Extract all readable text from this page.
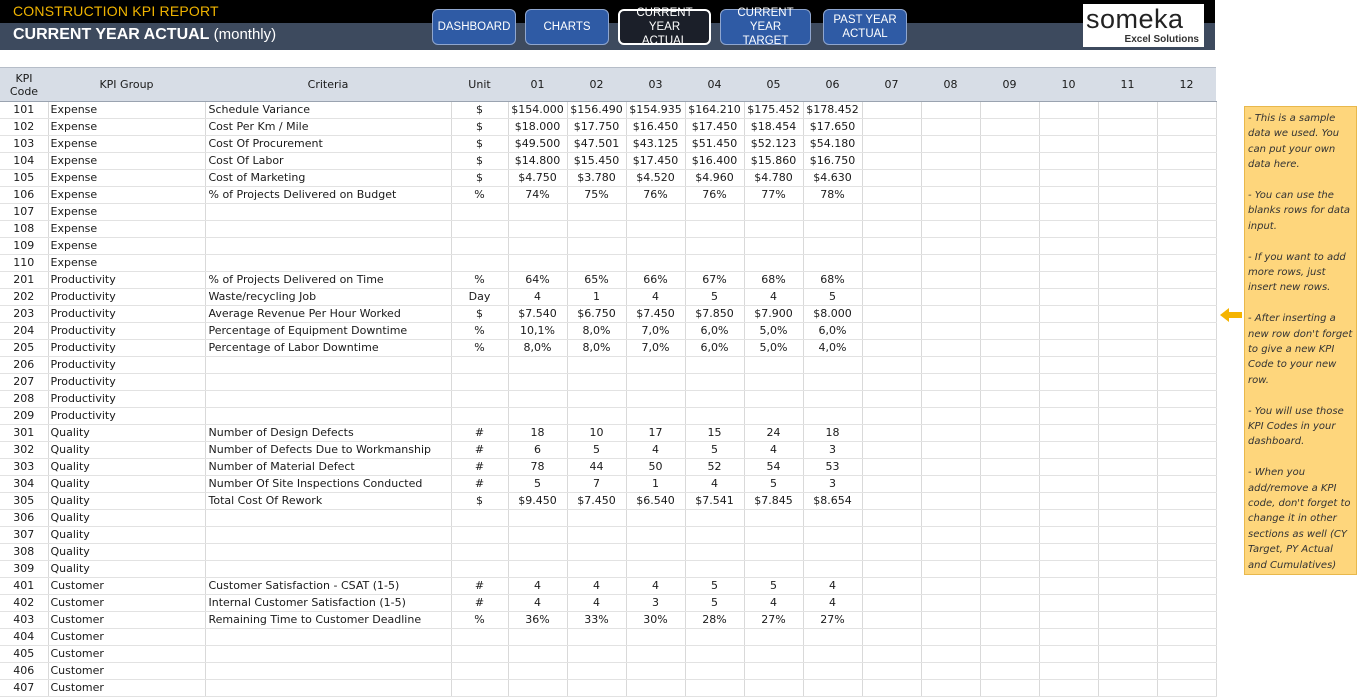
CONSTRUCTION KPI REPORT
CURRENT YEAR ACTUAL (monthly)	DASHBOARD	CHARTS
CURRENT YEAR
ACTUAL
CURRENT YEAR
TARGET
PAST YEAR
ACTUAL	someka
Excel Solutions
KPI
Code	KPI Group	Criteria	Unit	01	02	03	04	05	06	07	08	09	10	11	12
101	Expense	Schedule Variance	$	$154.000	$156.490	$154.935	$164.210	$175.452	$178.452						
102	Expense	Cost Per Km / Mile	$	$18.000	$17.750	$16.450	$17.450	$18.454	$17.650						
103	Expense	Cost Of Procurement	$	$49.500	$47.501	$43.125	$51.450	$52.123	$54.180						
104	Expense	Cost Of Labor	$	$14.800	$15.450	$17.450	$16.400	$15.860	$16.750						
105	Expense	Cost of Marketing	$	$4.750	$3.780	$4.520	$4.960	$4.780	$4.630						
106	Expense	% of Projects Delivered on Budget	%	74%	75%	76%	76%	77%	78%						
107	Expense														
108	Expense														
109	Expense														
110	Expense														
201	Productivity	% of Projects Delivered on Time	%	64%	65%	66%	67%	68%	68%						
202	Productivity	Waste/recycling Job	Day	4	1	4	5	4	5						
203	Productivity	Average Revenue Per Hour Worked	$	$7.540	$6.750	$7.450	$7.850	$7.900	$8.000						
204	Productivity	Percentage of Equipment Downtime	%	10,1%	8,0%	7,0%	6,0%	5,0%	6,0%						
205	Productivity	Percentage of Labor Downtime	%	8,0%	8,0%	7,0%	6,0%	5,0%	4,0%						
206	Productivity														
207	Productivity														
208	Productivity														
209	Productivity														
301	Quality	Number of Design Defects	#	18	10	17	15	24	18						
302	Quality	Number of Defects Due to Workmanship	#	6	5	4	5	4	3						
303	Quality	Number of Material Defect	#	78	44	50	52	54	53						
304	Quality	Number Of Site Inspections Conducted	#	5	7	1	4	5	3						
305	Quality	Total Cost Of Rework	$	$9.450	$7.450	$6.540	$7.541	$7.845	$8.654						
306	Quality														
307	Quality														
308	Quality														
309	Quality														
401	Customer	Customer Satisfaction - CSAT (1-5)	#	4	4	4	5	5	4						
402	Customer	Internal Customer Satisfaction (1-5)	#	4	4	3	5	4	4						
403	Customer	Remaining Time to Customer Deadline	%	36%	33%	30%	28%	27%	27%						
404	Customer														
405	Customer														
406	Customer														
407	Customer														

- This is a sample data we used. You can put your own data here.

- You can use the blanks rows for data input.

- If you want to add more rows, just insert new rows.

- After inserting a new row don't forget to give a new KPI Code to your new row.

- You will use those KPI Codes in your dashboard.

- When you add/remove a KPI code, don't forget to change it in other sections as well (CY Target, PY Actual and Cumulatives)
